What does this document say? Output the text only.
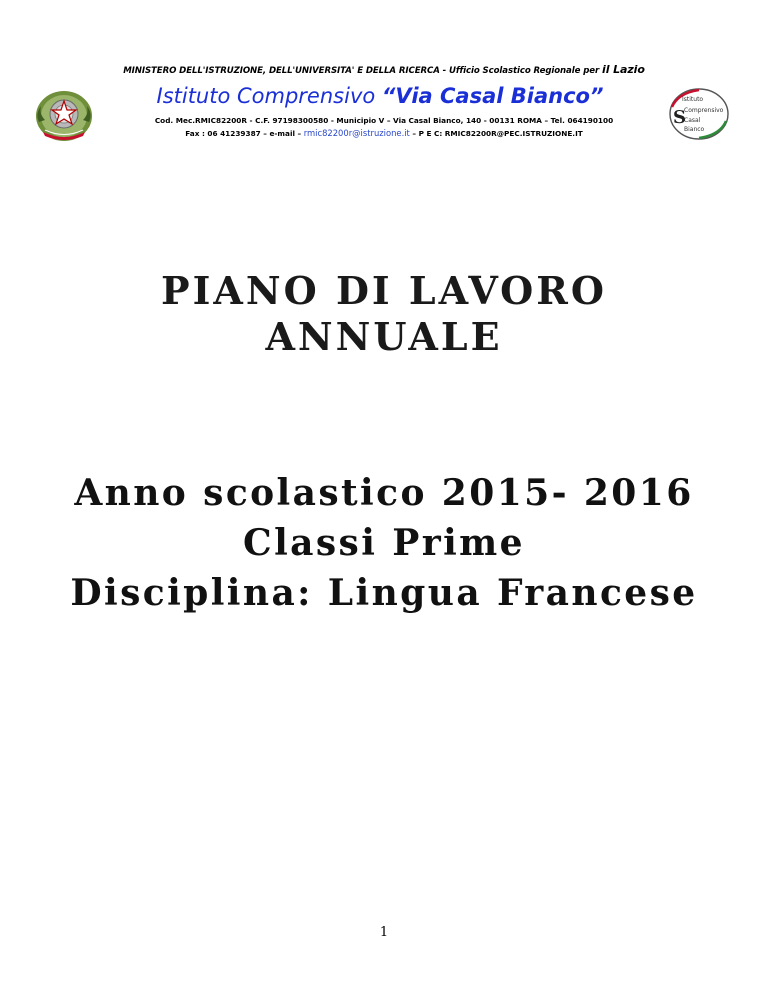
MINISTERO DELL'ISTRUZIONE, DELL'UNIVERSITA' E DELLA RICERCA - Ufficio Scolastico Regionale per il Lazio
Istituto
Comprensivo
Casal
Bianco
S
Istituto Comprensivo “Via Casal Bianco”
Cod. Mec.RMIC82200R - C.F. 97198300580 - Municipio V – Via Casal Bianco, 140 - 00131 ROMA – Tel. 064190100
Fax : 06 41239387 – e-mail – rmic82200r@istruzione.it – P E C: RMIC82200R@PEC.ISTRUZIONE.IT
PIANO DI LAVORO
ANNUALE
Anno scolastico 2015- 2016
Classi Prime
Disciplina: Lingua Francese
1
